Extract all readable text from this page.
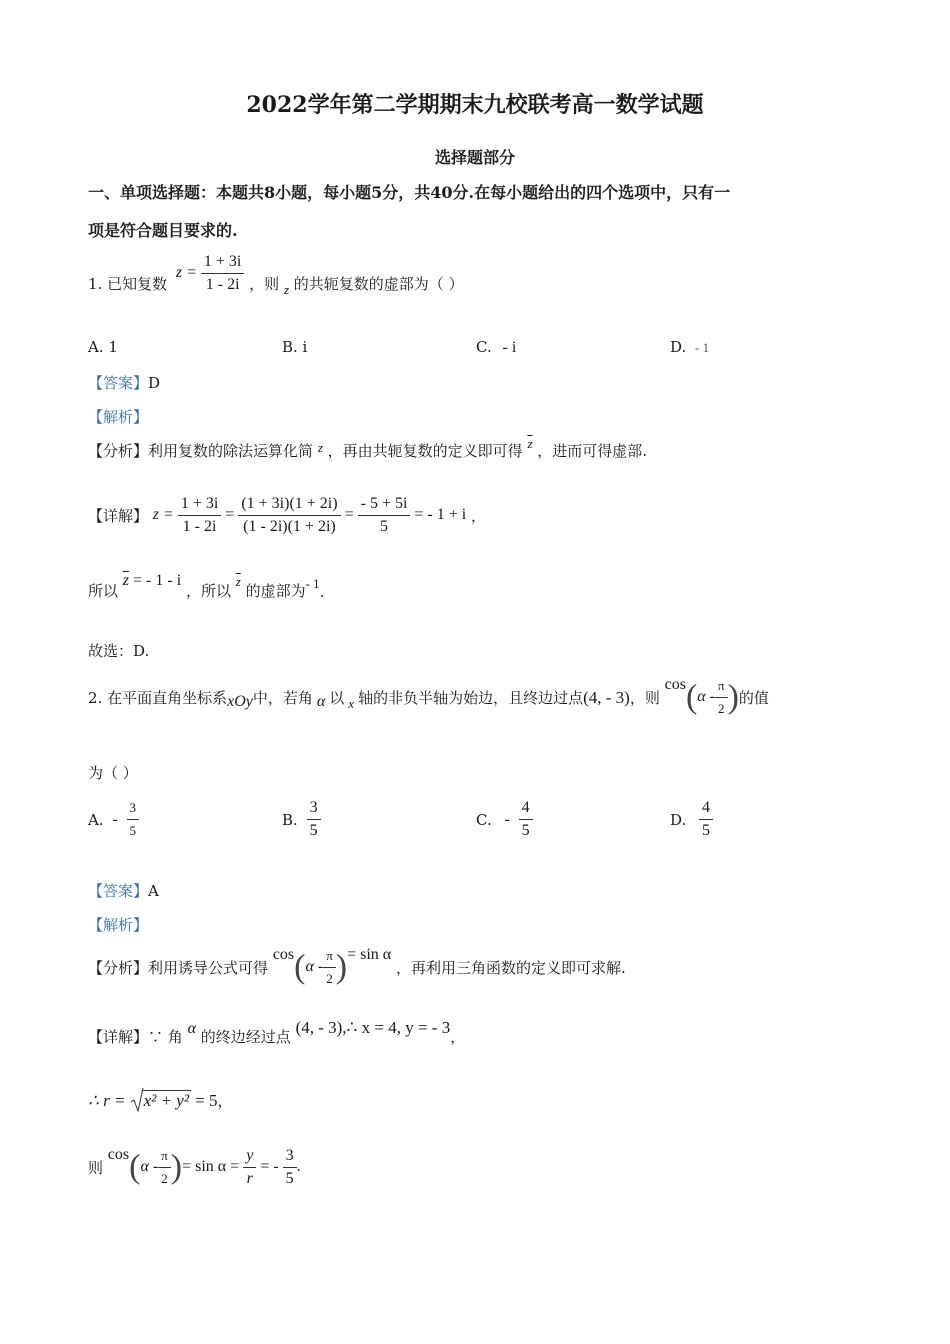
2022学年第二学期期末九校联考高一数学试题
选择题部分
一、单项选择题：本题共8小题，每小题5分，共40分.在每小题给出的四个选项中，只有一
项是符合题目要求的.
1. 已知复数 $z = \frac{1 + 3i}{1 - 2i}$ ，则 z 的共轭复数的虚部为（ ）
A. 1	B. i	C. - i	D. - 1
【答案】D
【解析】
【分析】利用复数的除法运算化简 z ，再由共轭复数的定义即可得 $\overline{z}$ ，进而可得虚部.
【详解】 $z = \frac{1 + 3i}{1 - 2i} = \frac{(1 + 3i)(1 + 2i)}{(1 - 2i)(1 + 2i)} = \frac{- 5 + 5i}{5}$ = - 1 + i ，
所以 $\overline{z}$ = - 1 - i ，所以 $\overline{z}$ 的虚部为- 1.
故选：D.
2. 在平面直角坐标系xOy中，若角 α 以 x 轴的非负半轴为始边，且终边过点(4, - 3)，则 $\cos(\alpha - \frac{\pi}{2}$ )的值
为（ ）
A. - $\frac{3}{5}$	B. $\frac{3}{5}$	C. - $\frac{4}{5}$	D. $\frac{4}{5}$
【答案】A
【解析】
【分析】利用诱导公式可得 $\cos(\alpha - \frac{\pi}{2}$ )= sin α ，再利用三角函数的定义即可求解.
【详解】∵ 角 α 的终边经过点 (4, - 3),∴ x = 4, y = - 3，
∴ r = x² + y² = 5，
则 $\cos(\alpha - \frac{\pi}{2}$ )= $\sin \alpha = \frac{y}{r}$ = - $\frac{3}{5}$ .
